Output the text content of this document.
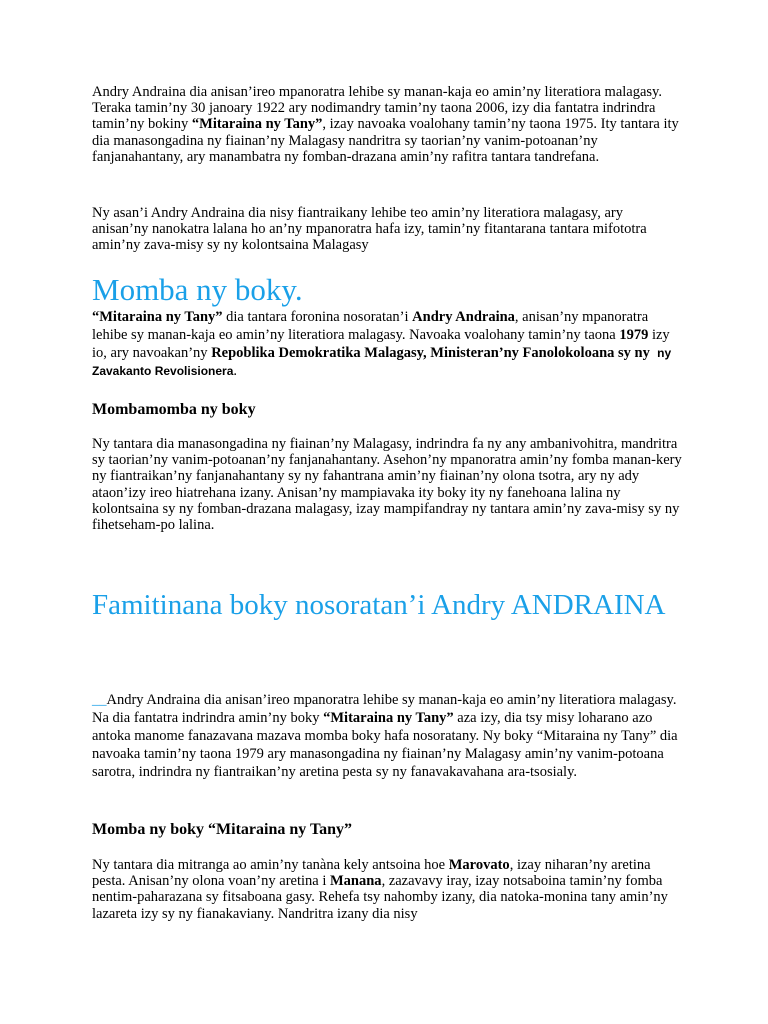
Andry Andraina dia anisan’ireo mpanoratra lehibe sy manan-kaja eo amin’ny literatiora malagasy. Teraka tamin’ny 30 janoary 1922 ary nodimandry tamin’ny taona 2006, izy dia fantatra indrindra tamin’ny bokiny “Mitaraina ny Tany”, izay navoaka voalohany tamin’ny taona 1975. Ity tantara ity dia manasongadina ny fiainan’ny Malagasy nandritra sy taorian’ny vanim-potoanan’ny fanjanahantany, ary manambatra ny fomban-drazana amin’ny rafitra tantara tandrefana.

Ny asan’i Andry Andraina dia nisy fiantraikany lehibe teo amin’ny literatiora malagasy, ary anisan’ny nanokatra lalana ho an’ny mpanoratra hafa izy, tamin’ny fitantarana tantara mifototra amin’ny zava-misy sy ny kolontsaina Malagasy

Momba ny boky.

“Mitaraina ny Tany” dia tantara foronina nosoratan’i Andry Andraina, anisan’ny mpanoratra lehibe sy manan-kaja eo amin’ny literatiora malagasy. Navoaka voalohany tamin’ny taona 1979 izy io, ary navoakan’ny Repoblika Demokratika Malagasy, Ministeran’ny Fanolokoloana sy ny ny Zavakanto Revolisionera.

Mombamomba ny boky

Ny tantara dia manasongadina ny fiainan’ny Malagasy, indrindra fa ny any ambanivohitra, mandritra sy taorian’ny vanim-potoanan’ny fanjanahantany. Asehon’ny mpanoratra amin’ny fomba manan-kery ny fiantraikan’ny fanjanahantany sy ny fahantrana amin’ny fiainan’ny olona tsotra, ary ny ady ataon’izy ireo hiatrehana izany. Anisan’ny mampiavaka ity boky ity ny fanehoana lalina ny kolontsaina sy ny fomban-drazana malagasy, izay mampifandray ny tantara amin’ny zava-misy sy ny fihetseham-po lalina.

Famitinana boky nosoratan’i Andry ANDRAINA

__Andry Andraina dia anisan’ireo mpanoratra lehibe sy manan-kaja eo amin’ny literatiora malagasy. Na dia fantatra indrindra amin’ny boky “Mitaraina ny Tany” aza izy, dia tsy misy loharano azo antoka manome fanazavana mazava momba boky hafa nosoratany. Ny boky “Mitaraina ny Tany” dia navoaka tamin’ny taona 1979 ary manasongadina ny fiainan’ny Malagasy amin’ny vanim-potoana sarotra, indrindra ny fiantraikan’ny aretina pesta sy ny fanavakavahana ara-tsosialy.

Momba ny boky “Mitaraina ny Tany”

Ny tantara dia mitranga ao amin’ny tanàna kely antsoina hoe Marovato, izay niharan’ny aretina pesta. Anisan’ny olona voan’ny aretina i Manana, zazavavy iray, izay notsaboina tamin’ny fomba nentim-paharazana sy fitsaboana gasy. Rehefa tsy nahomby izany, dia natoka-monina tany amin’ny lazareta izy sy ny fianakaviany. Nandritra izany dia nisy
